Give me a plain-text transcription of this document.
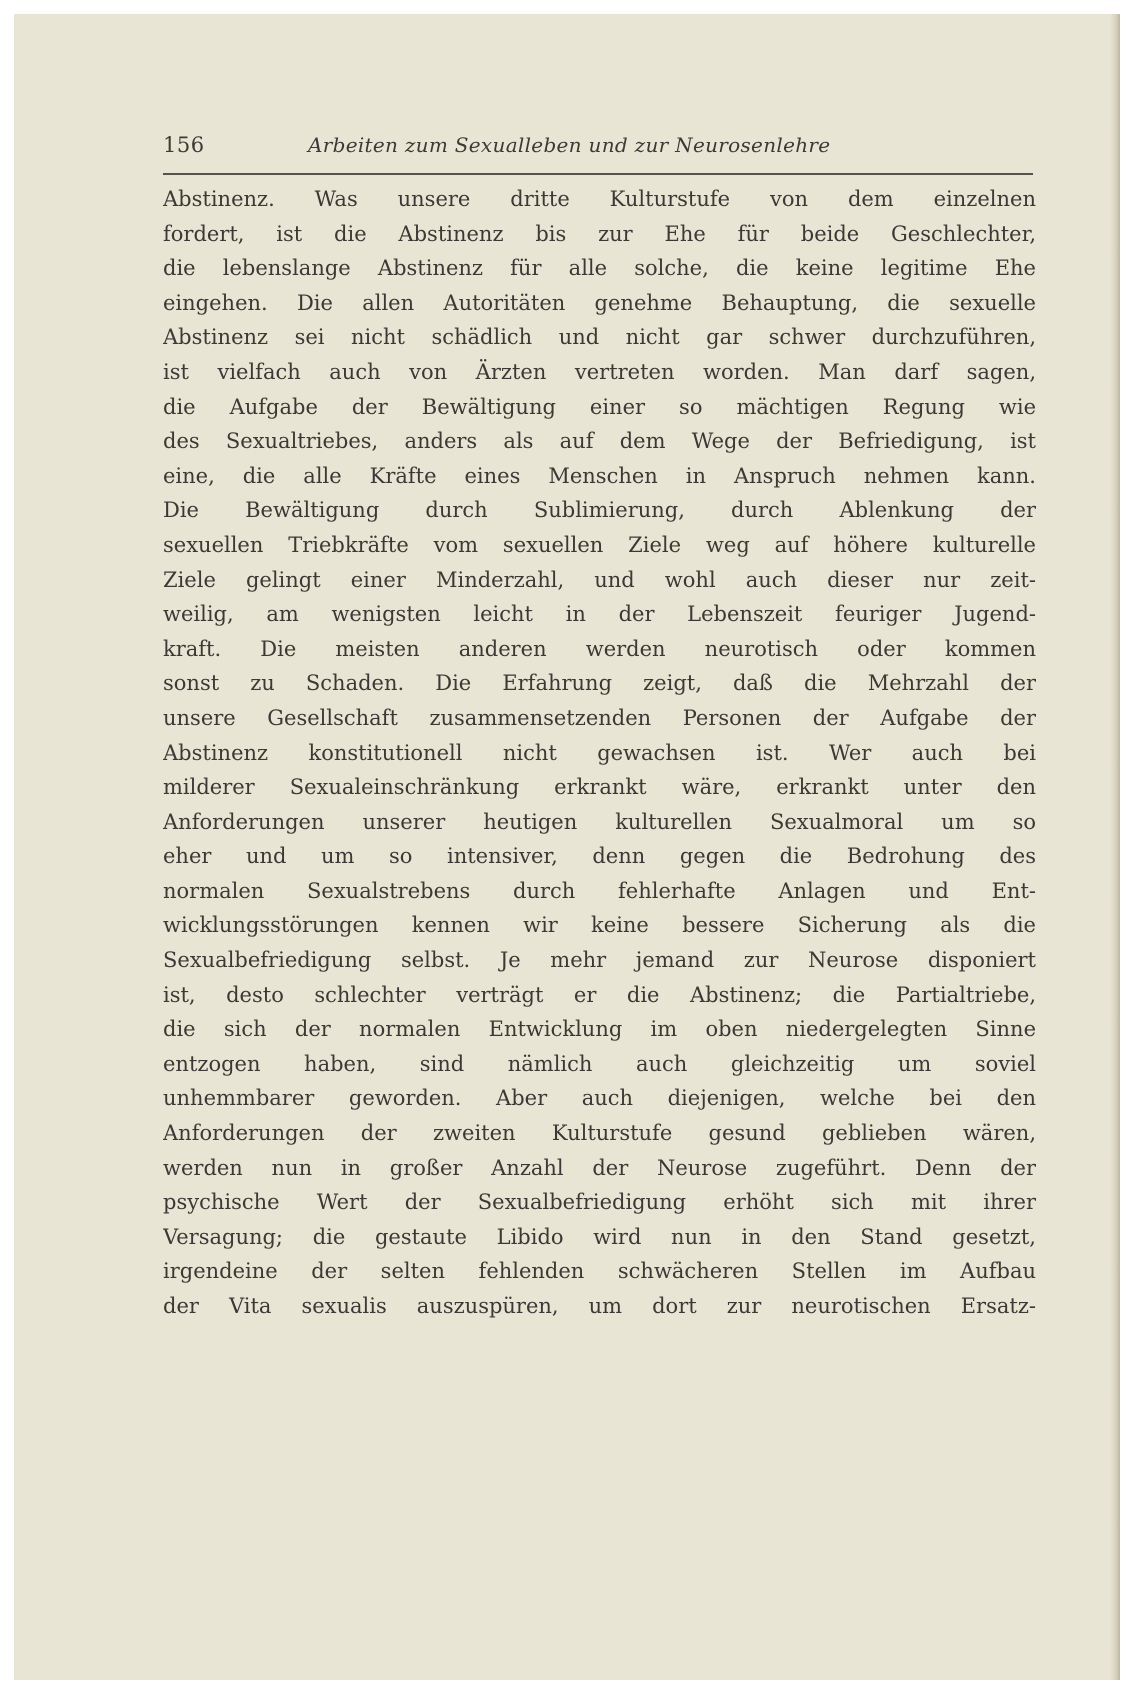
156	Arbeiten zum Sexualleben und zur Neurosenlehre
Abstinenz. Was unsere dritte Kulturstufe von dem einzelnen
fordert, ist die Abstinenz bis zur Ehe für beide Geschlechter,
die lebenslange Abstinenz für alle solche, die keine legitime Ehe
eingehen. Die allen Autoritäten genehme Behauptung, die sexuelle
Abstinenz sei nicht schädlich und nicht gar schwer durchzuführen,
ist vielfach auch von Ärzten vertreten worden. Man darf sagen,
die Aufgabe der Bewältigung einer so mächtigen Regung wie
des Sexualtriebes, anders als auf dem Wege der Befriedigung, ist
eine, die alle Kräfte eines Menschen in Anspruch nehmen kann.
Die Bewältigung durch Sublimierung, durch Ablenkung der
sexuellen Triebkräfte vom sexuellen Ziele weg auf höhere kulturelle
Ziele gelingt einer Minderzahl, und wohl auch dieser nur zeit-
weilig, am wenigsten leicht in der Lebenszeit feuriger Jugend-
kraft. Die meisten anderen werden neurotisch oder kommen
sonst zu Schaden. Die Erfahrung zeigt, daß die Mehrzahl der
unsere Gesellschaft zusammensetzenden Personen der Aufgabe der
Abstinenz konstitutionell nicht gewachsen ist. Wer auch bei
milderer Sexualeinschränkung erkrankt wäre, erkrankt unter den
Anforderungen unserer heutigen kulturellen Sexualmoral um so
eher und um so intensiver, denn gegen die Bedrohung des
normalen Sexualstrebens durch fehlerhafte Anlagen und Ent-
wicklungsstörungen kennen wir keine bessere Sicherung als die
Sexualbefriedigung selbst. Je mehr jemand zur Neurose disponiert
ist, desto schlechter verträgt er die Abstinenz; die Partialtriebe,
die sich der normalen Entwicklung im oben niedergelegten Sinne
entzogen haben, sind nämlich auch gleichzeitig um soviel
unhemmbarer geworden. Aber auch diejenigen, welche bei den
Anforderungen der zweiten Kulturstufe gesund geblieben wären,
werden nun in großer Anzahl der Neurose zugeführt. Denn der
psychische Wert der Sexualbefriedigung erhöht sich mit ihrer
Versagung; die gestaute Libido wird nun in den Stand gesetzt,
irgendeine der selten fehlenden schwächeren Stellen im Aufbau
der Vita sexualis auszuspüren, um dort zur neurotischen Ersatz-
